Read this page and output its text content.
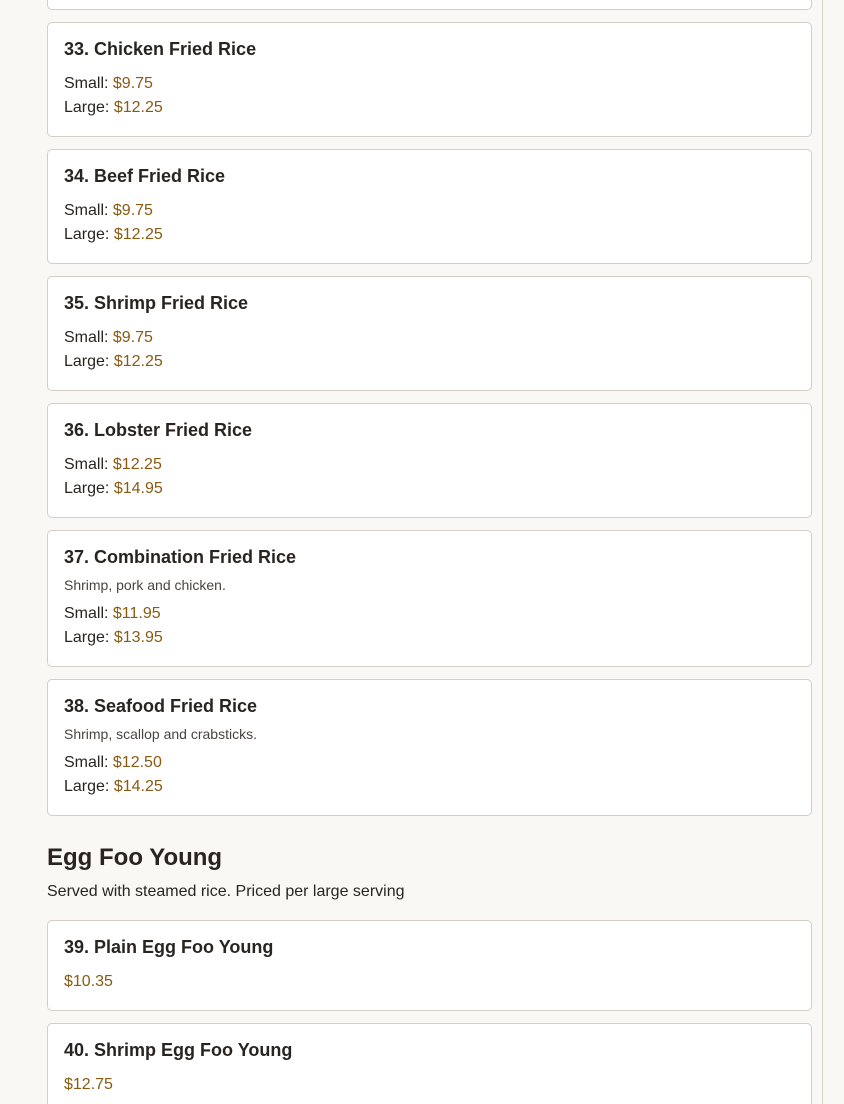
33. Chicken Fried Rice
Small: $9.75
Large: $12.25
34. Beef Fried Rice
Small: $9.75
Large: $12.25
35. Shrimp Fried Rice
Small: $9.75
Large: $12.25
36. Lobster Fried Rice
Small: $12.25
Large: $14.95
37. Combination Fried Rice
Shrimp, pork and chicken.
Small: $11.95
Large: $13.95
38. Seafood Fried Rice
Shrimp, scallop and crabsticks.
Small: $12.50
Large: $14.25
Egg Foo Young
Served with steamed rice. Priced per large serving
39. Plain Egg Foo Young
$10.35
40. Shrimp Egg Foo Young
$12.75
